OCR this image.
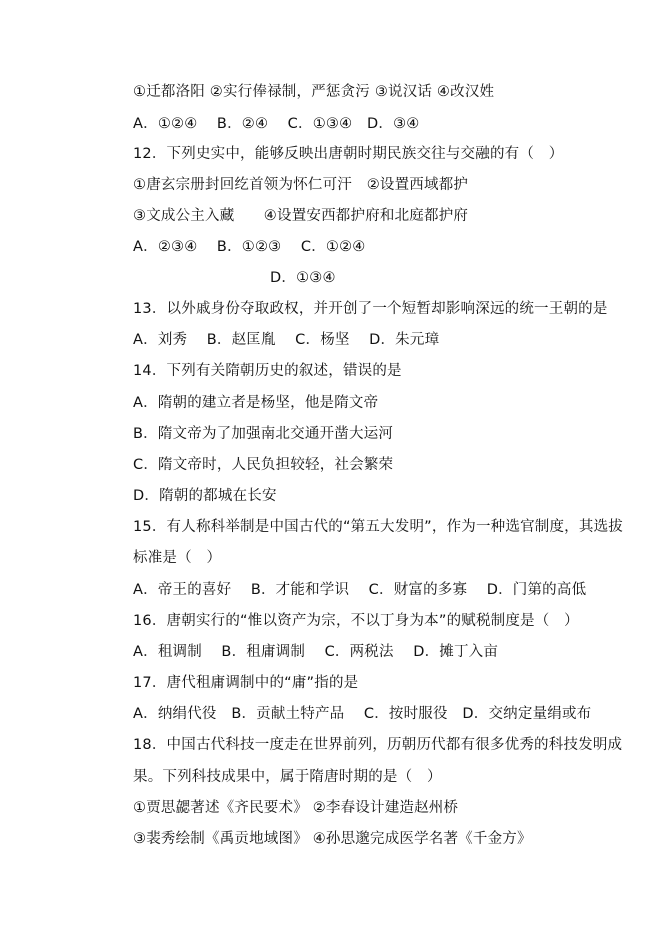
①迁都洛阳 ②实行俸禄制，严惩贪污 ③说汉话 ④改汉姓
A．①②④　 B．②④　 C．①③④　D．③④
12．下列史实中，能够反映出唐朝时期民族交往与交融的有（　）
①唐玄宗册封回纥首领为怀仁可汗　②设置西域都护
③文成公主入藏　　④设置安西都护府和北庭都护府
A．②③④　 B．①②③　 C．①②④
D．①③④
13．以外戚身份夺取政权，并开创了一个短暂却影响深远的统一王朝的是
A．刘秀　 B．赵匡胤　 C．杨坚　 D．朱元璋
14．下列有关隋朝历史的叙述，错误的是
A．隋朝的建立者是杨坚，他是隋文帝
B．隋文帝为了加强南北交通开凿大运河
C．隋文帝时，人民负担较轻，社会繁荣
D．隋朝的都城在长安
15．有人称科举制是中国古代的“第五大发明”，作为一种选官制度，其选拔
标准是（　）
A．帝王的喜好　 B．才能和学识　 C．财富的多寡　 D．门第的高低
16．唐朝实行的“惟以资产为宗，不以丁身为本”的赋税制度是（　）
A．租调制　 B．租庸调制　 C．两税法　 D．摊丁入亩
17．唐代租庸调制中的“庸”指的是
A．纳绢代役　B．贡献土特产品　 C．按时服役　D．交纳定量绢或布
18．中国古代科技一度走在世界前列，历朝历代都有很多优秀的科技发明成
果。下列科技成果中，属于隋唐时期的是（　）
①贾思勰著述《齐民要术》 ②李春设计建造赵州桥
③裴秀绘制《禹贡地域图》 ④孙思邈完成医学名著《千金方》
